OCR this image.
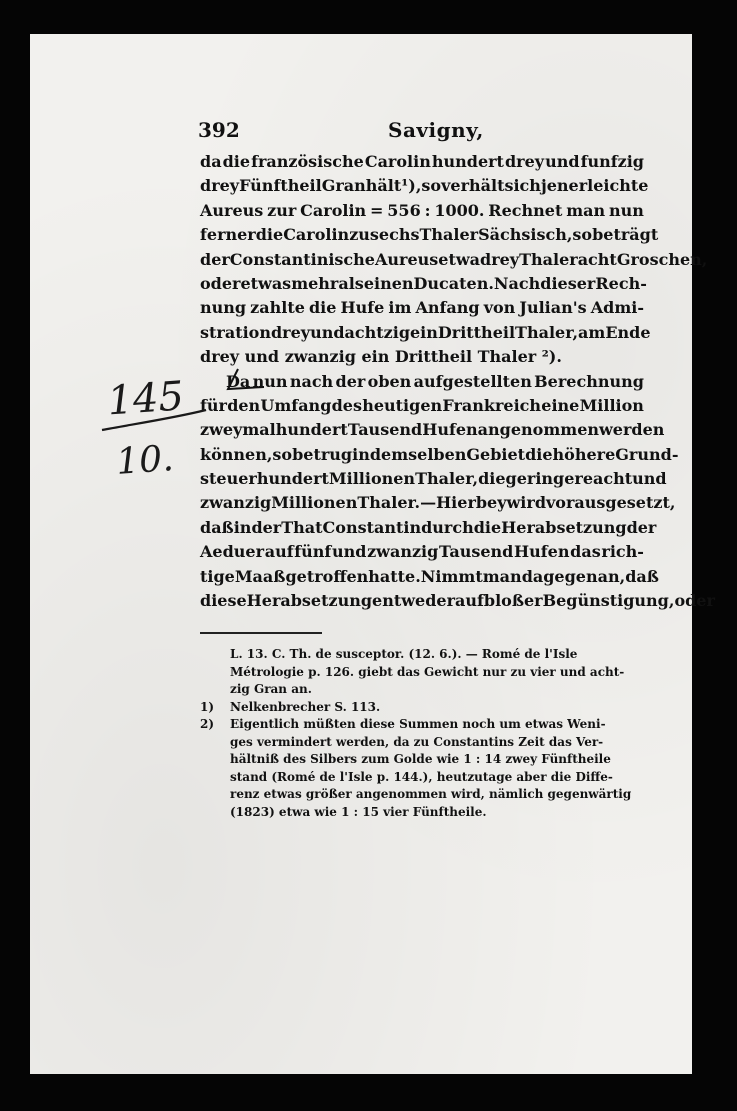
392	Savigny,
da die französische Carolin hundert drey und funfzig
drey Fünftheil Gran hält ¹), so verhält sich jener leichte
Aureus zur Carolin = 556 : 1000. Rechnet man nun
ferner die Carolin zu sechs Thaler Sächsisch, so beträgt
der Constantinische Aureus etwa drey Thaler acht Groschen,
oder etwas mehr als einen Ducaten. Nach dieser Rech-
nung zahlte die Hufe im Anfang von Julian's Admi-
stration drey und achtzig ein Drittheil Thaler, am Ende
drey und zwanzig ein Drittheil Thaler ²).
Da nun nach der oben aufgestellten Berechnung
für den Umfang des heutigen Frankreich eine Million
zwey mal hundert Tausend Hufen angenommen werden
können, so betrug in demselben Gebiet die höhere Grund-
steuer hundert Millionen Thaler, die geringere acht und
zwanzig Millionen Thaler. — Hierbey wird vorausgesetzt,
daß in der That Constantin durch die Herabsetzung der
Aeduer auf fünf und zwanzig Tausend Hufen das rich-
tige Maaß getroffen hatte. Nimmt man dagegen an, daß
diese Herabsetzung entweder auf bloßer Begünstigung, oder
L. 13. C. Th. de susceptor. (12. 6.). — Romé de l'Isle
Métrologie p. 126. giebt das Gewicht nur zu vier und acht-
zig Gran an.
1)	Nelkenbrecher S. 113.
2)	Eigentlich müßten diese Summen noch um etwas Weni-
ges vermindert werden, da zu Constantins Zeit das Ver-
hältniß des Silbers zum Golde wie 1 : 14 zwey Fünftheile
stand (Romé de l'Isle p. 144.), heutzutage aber die Diffe-
renz etwas größer angenommen wird, nämlich gegenwärtig
(1823) etwa wie 1 : 15 vier Fünftheile.
145
10.
